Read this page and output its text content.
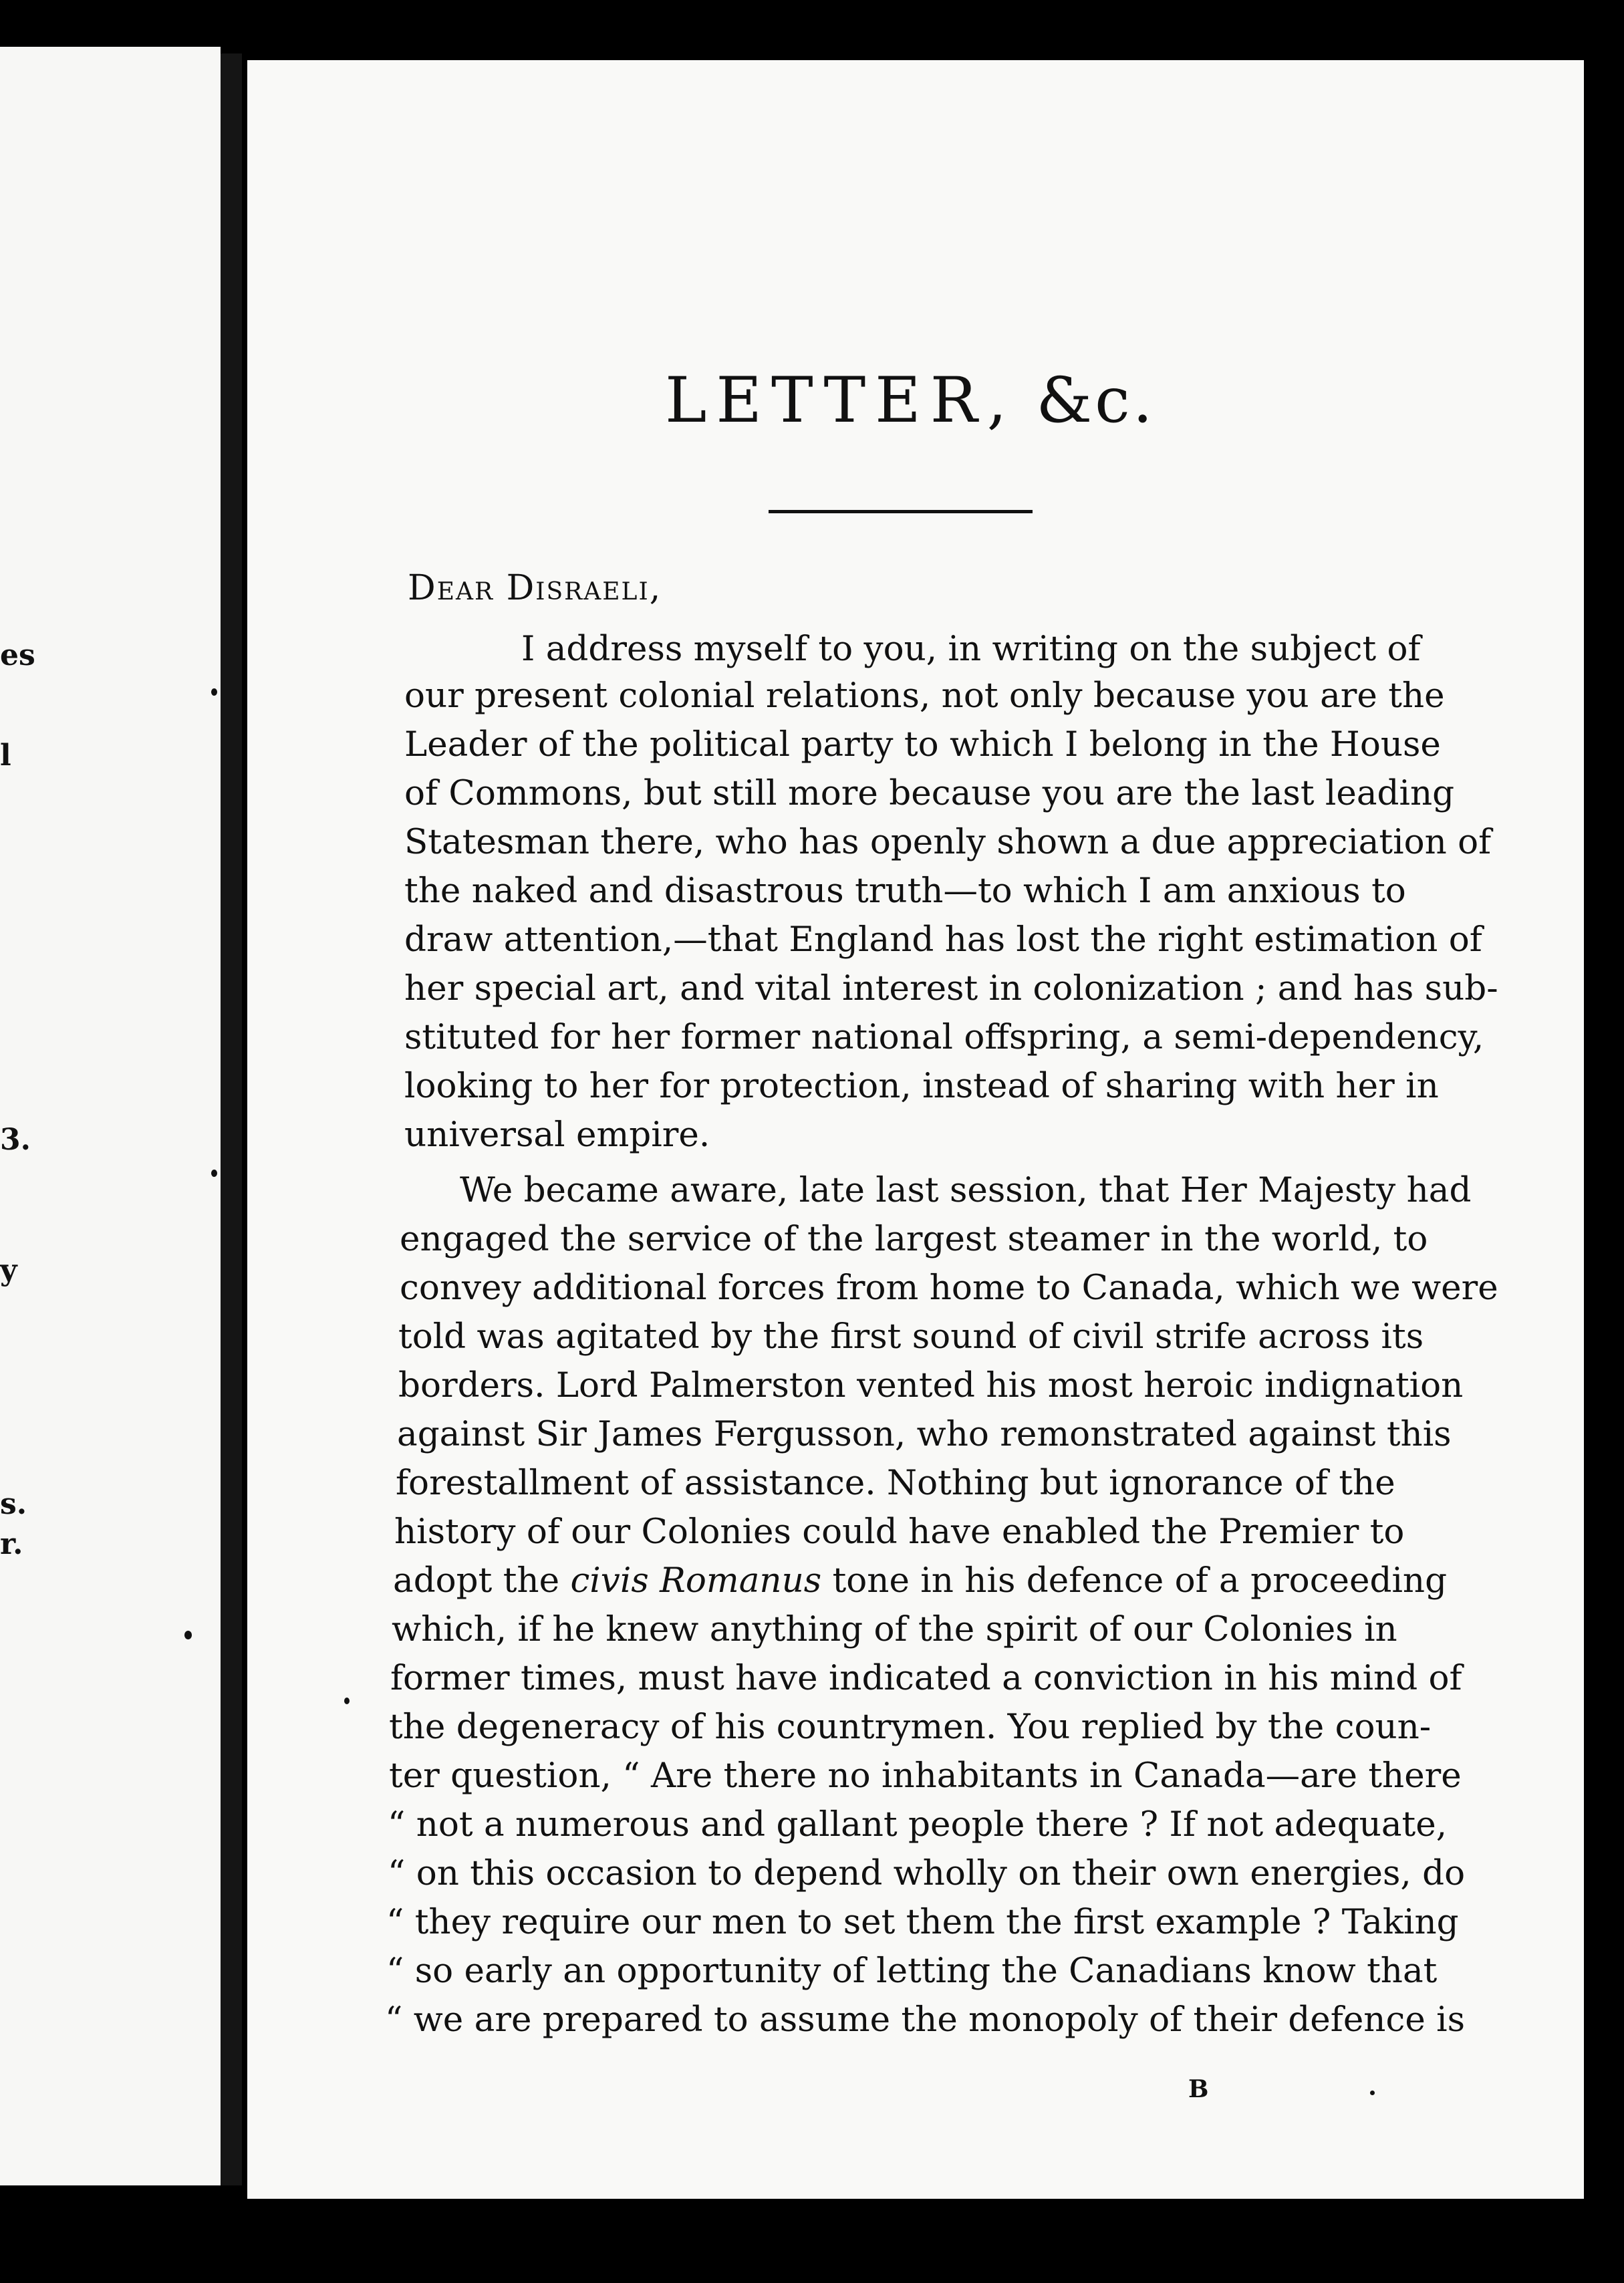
es
l
3.
y
s.
r.
LETTER, &c.
Dear Disraeli,
I address myself to you, in writing on the subject of
our present colonial relations, not only because you are the
Leader of the political party to which I belong in the House
of Commons, but still more because you are the last leading
Statesman there, who has openly shown a due appreciation of
the naked and disastrous truth—to which I am anxious to
draw attention,—that England has lost the right estimation of
her special art, and vital interest in colonization ; and has sub-
stituted for her former national offspring, a semi-dependency,
looking to her for protection, instead of sharing with her in
universal empire.
We became aware, late last session, that Her Majesty had
engaged the service of the largest steamer in the world, to
convey additional forces from home to Canada, which we were
told was agitated by the first sound of civil strife across its
borders. Lord Palmerston vented his most heroic indignation
against Sir James Fergusson, who remonstrated against this
forestallment of assistance. Nothing but ignorance of the
history of our Colonies could have enabled the Premier to
adopt the civis Romanus tone in his defence of a proceeding
which, if he knew anything of the spirit of our Colonies in
former times, must have indicated a conviction in his mind of
the degeneracy of his countrymen. You replied by the coun-
ter question, “ Are there no inhabitants in Canada—are there
“ not a numerous and gallant people there ? If not adequate,
“ on this occasion to depend wholly on their own energies, do
“ they require our men to set them the first example ? Taking
“ so early an opportunity of letting the Canadians know that
“ we are prepared to assume the monopoly of their defence is
B
